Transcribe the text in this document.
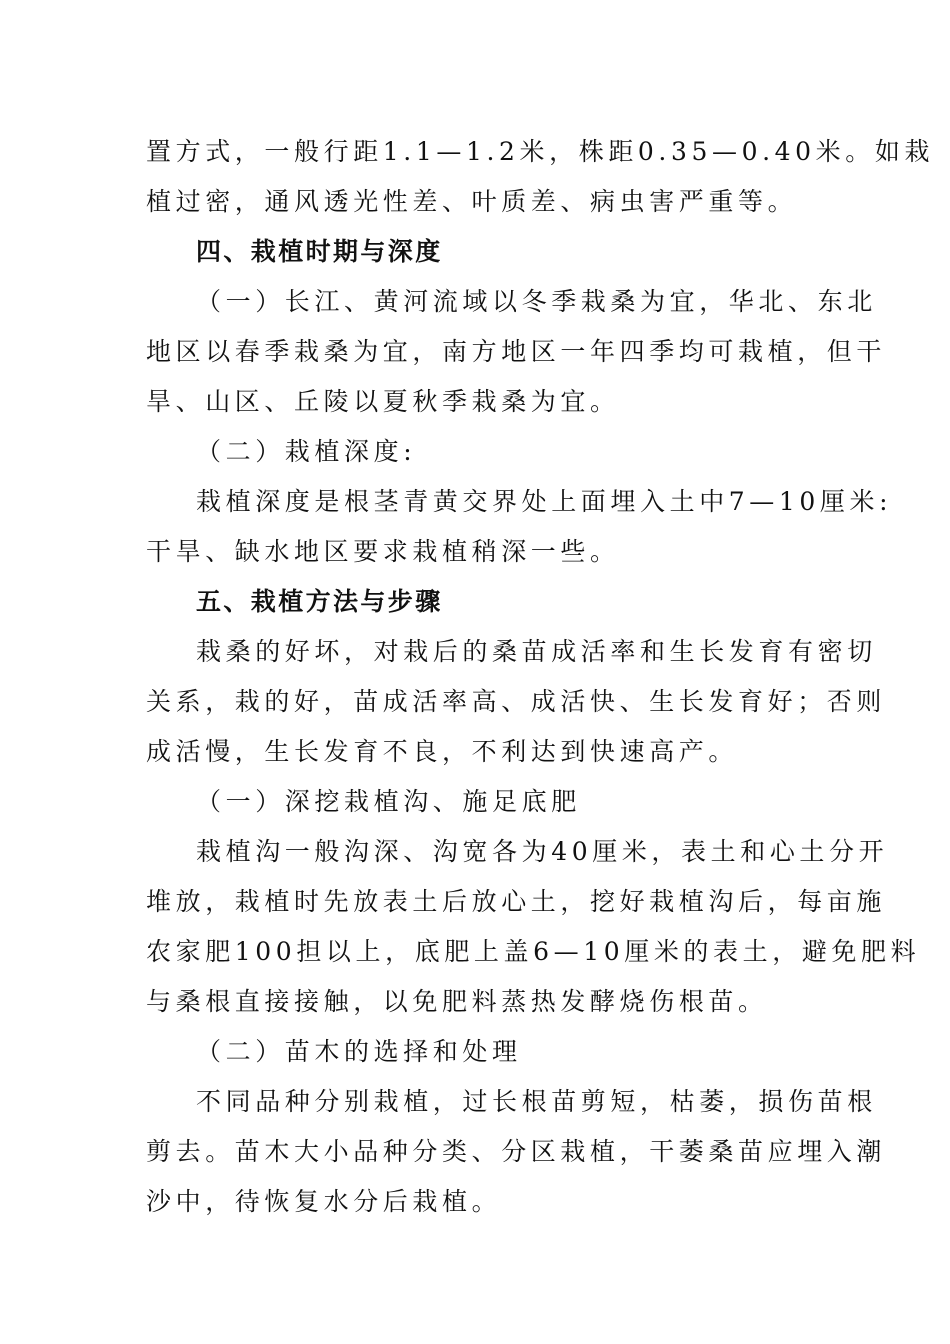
置方式，一般行距1.1—1.2米，株距0.35—0.40米。如栽
植过密，通风透光性差、叶质差、病虫害严重等。
四、栽植时期与深度
（一）长江、黄河流域以冬季栽桑为宜，华北、东北
地区以春季栽桑为宜，南方地区一年四季均可栽植，但干
旱、山区、丘陵以夏秋季栽桑为宜。
（二）栽植深度:
栽植深度是根茎青黄交界处上面埋入土中7—10厘米:
干旱、缺水地区要求栽植稍深一些。
五、栽植方法与步骤
栽桑的好坏，对栽后的桑苗成活率和生长发育有密切
关系，栽的好，苗成活率高、成活快、生长发育好；否则
成活慢，生长发育不良，不利达到快速高产。
（一）深挖栽植沟、施足底肥
栽植沟一般沟深、沟宽各为40厘米，表土和心土分开
堆放，栽植时先放表土后放心土，挖好栽植沟后，每亩施
农家肥100担以上，底肥上盖6—10厘米的表土，避免肥料
与桑根直接接触，以免肥料蒸热发酵烧伤根苗。
（二）苗木的选择和处理
不同品种分别栽植，过长根苗剪短，枯萎，损伤苗根
剪去。苗木大小品种分类、分区栽植，干萎桑苗应埋入潮
沙中，待恢复水分后栽植。
